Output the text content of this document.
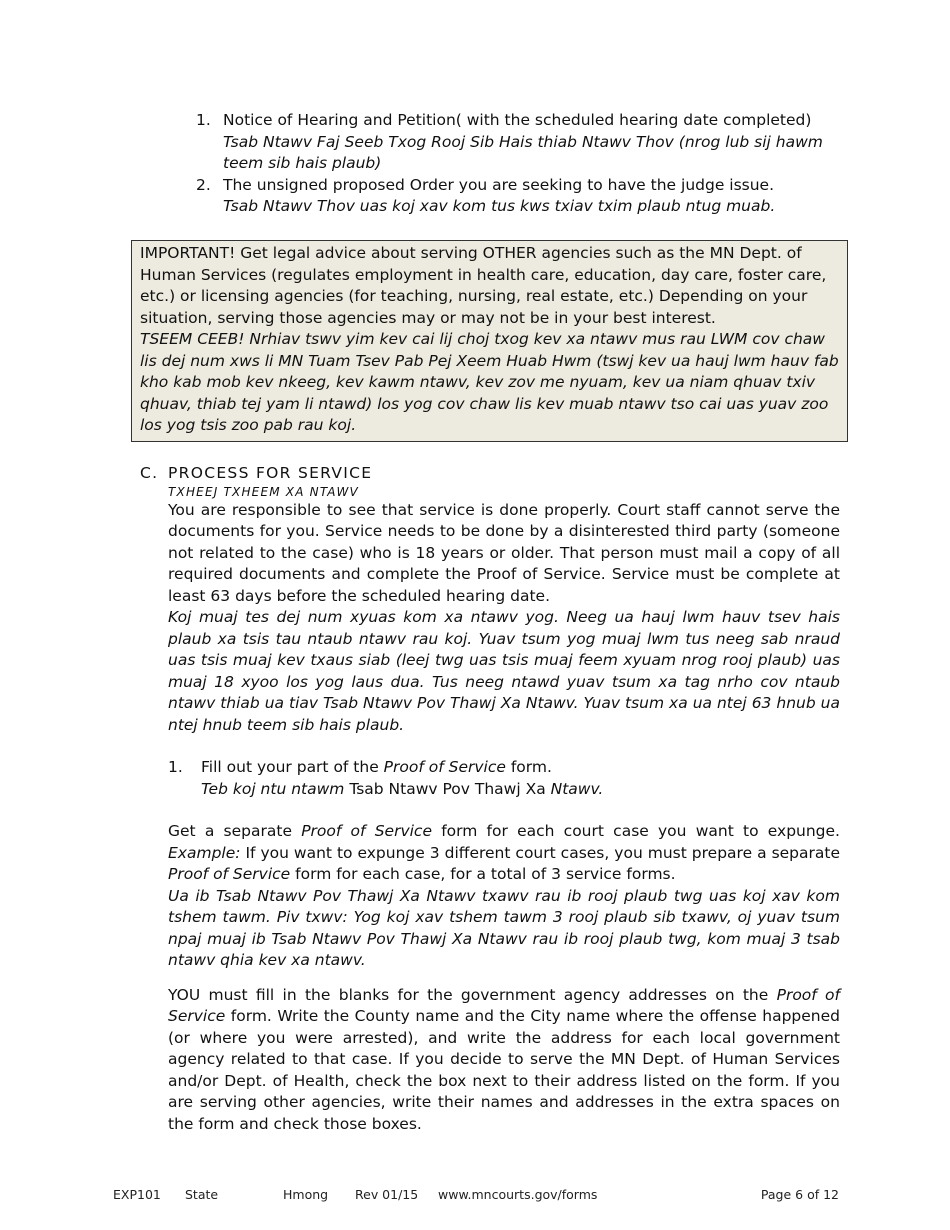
1. Notice of Hearing and Petition( with the scheduled hearing date completed)
Tsab Ntawv Faj Seeb Txog Rooj Sib Hais thiab Ntawv Thov (nrog lub sij hawm teem sib hais plaub)
2. The unsigned proposed Order you are seeking to have the judge issue.
Tsab Ntawv Thov uas koj xav kom tus kws txiav txim plaub ntug muab.

IMPORTANT! Get legal advice about serving OTHER agencies such as the MN Dept. of Human Services (regulates employment in health care, education, day care, foster care, etc.) or licensing agencies (for teaching, nursing, real estate, etc.) Depending on your situation, serving those agencies may or may not be in your best interest.

TSEEM CEEB! Nrhiav tswv yim kev cai lij choj txog kev xa ntawv mus rau LWM cov chaw lis dej num xws li MN Tuam Tsev Pab Pej Xeem Huab Hwm (tswj kev ua hauj lwm hauv fab kho kab mob kev nkeeg, kev kawm ntawv, kev zov me nyuam, kev ua niam qhuav txiv qhuav, thiab tej yam li ntawd) los yog cov chaw lis kev muab ntawv tso cai uas yuav zoo los yog tsis zoo pab rau koj.

C. PROCESS FOR SERVICE
TXHEEJ TXHEEM XA NTAWV

You are responsible to see that service is done properly. Court staff cannot serve the documents for you. Service needs to be done by a disinterested third party (someone not related to the case) who is 18 years or older. That person must mail a copy of all required documents and complete the Proof of Service. Service must be complete at least 63 days before the scheduled hearing date.

Koj muaj tes dej num xyuas kom xa ntawv yog. Neeg ua hauj lwm hauv tsev hais plaub xa tsis tau ntaub ntawv rau koj. Yuav tsum yog muaj lwm tus neeg sab nraud uas tsis muaj kev txaus siab (leej twg uas tsis muaj feem xyuam nrog rooj plaub) uas muaj 18 xyoo los yog laus dua. Tus neeg ntawd yuav tsum xa tag nrho cov ntaub ntawv thiab ua tiav Tsab Ntawv Pov Thawj Xa Ntawv. Yuav tsum xa ua ntej 63 hnub ua ntej hnub teem sib hais plaub.

1.	Fill out your part of the Proof of Service form.
Teb koj ntu ntawm Tsab Ntawv Pov Thawj Xa Ntawv.

Get a separate Proof of Service form for each court case you want to expunge. Example: If you want to expunge 3 different court cases, you must prepare a separate Proof of Service form for each case, for a total of 3 service forms.

Ua ib Tsab Ntawv Pov Thawj Xa Ntawv txawv rau ib rooj plaub twg uas koj xav kom tshem tawm. Piv txwv: Yog koj xav tshem tawm 3 rooj plaub sib txawv, oj yuav tsum npaj muaj ib Tsab Ntawv Pov Thawj Xa Ntawv rau ib rooj plaub twg, kom muaj 3 tsab ntawv qhia kev xa ntawv.

YOU must fill in the blanks for the government agency addresses on the Proof of Service form. Write the County name and the City name where the offense happened (or where you were arrested), and write the address for each local government agency related to that case. If you decide to serve the MN Dept. of Human Services and/or Dept. of Health, check the box next to their address listed on the form. If you are serving other agencies, write their names and addresses in the extra spaces on the form and check those boxes.

EXP101 State	Hmong Rev 01/15 www.mncourts.gov/forms	Page 6 of 12
